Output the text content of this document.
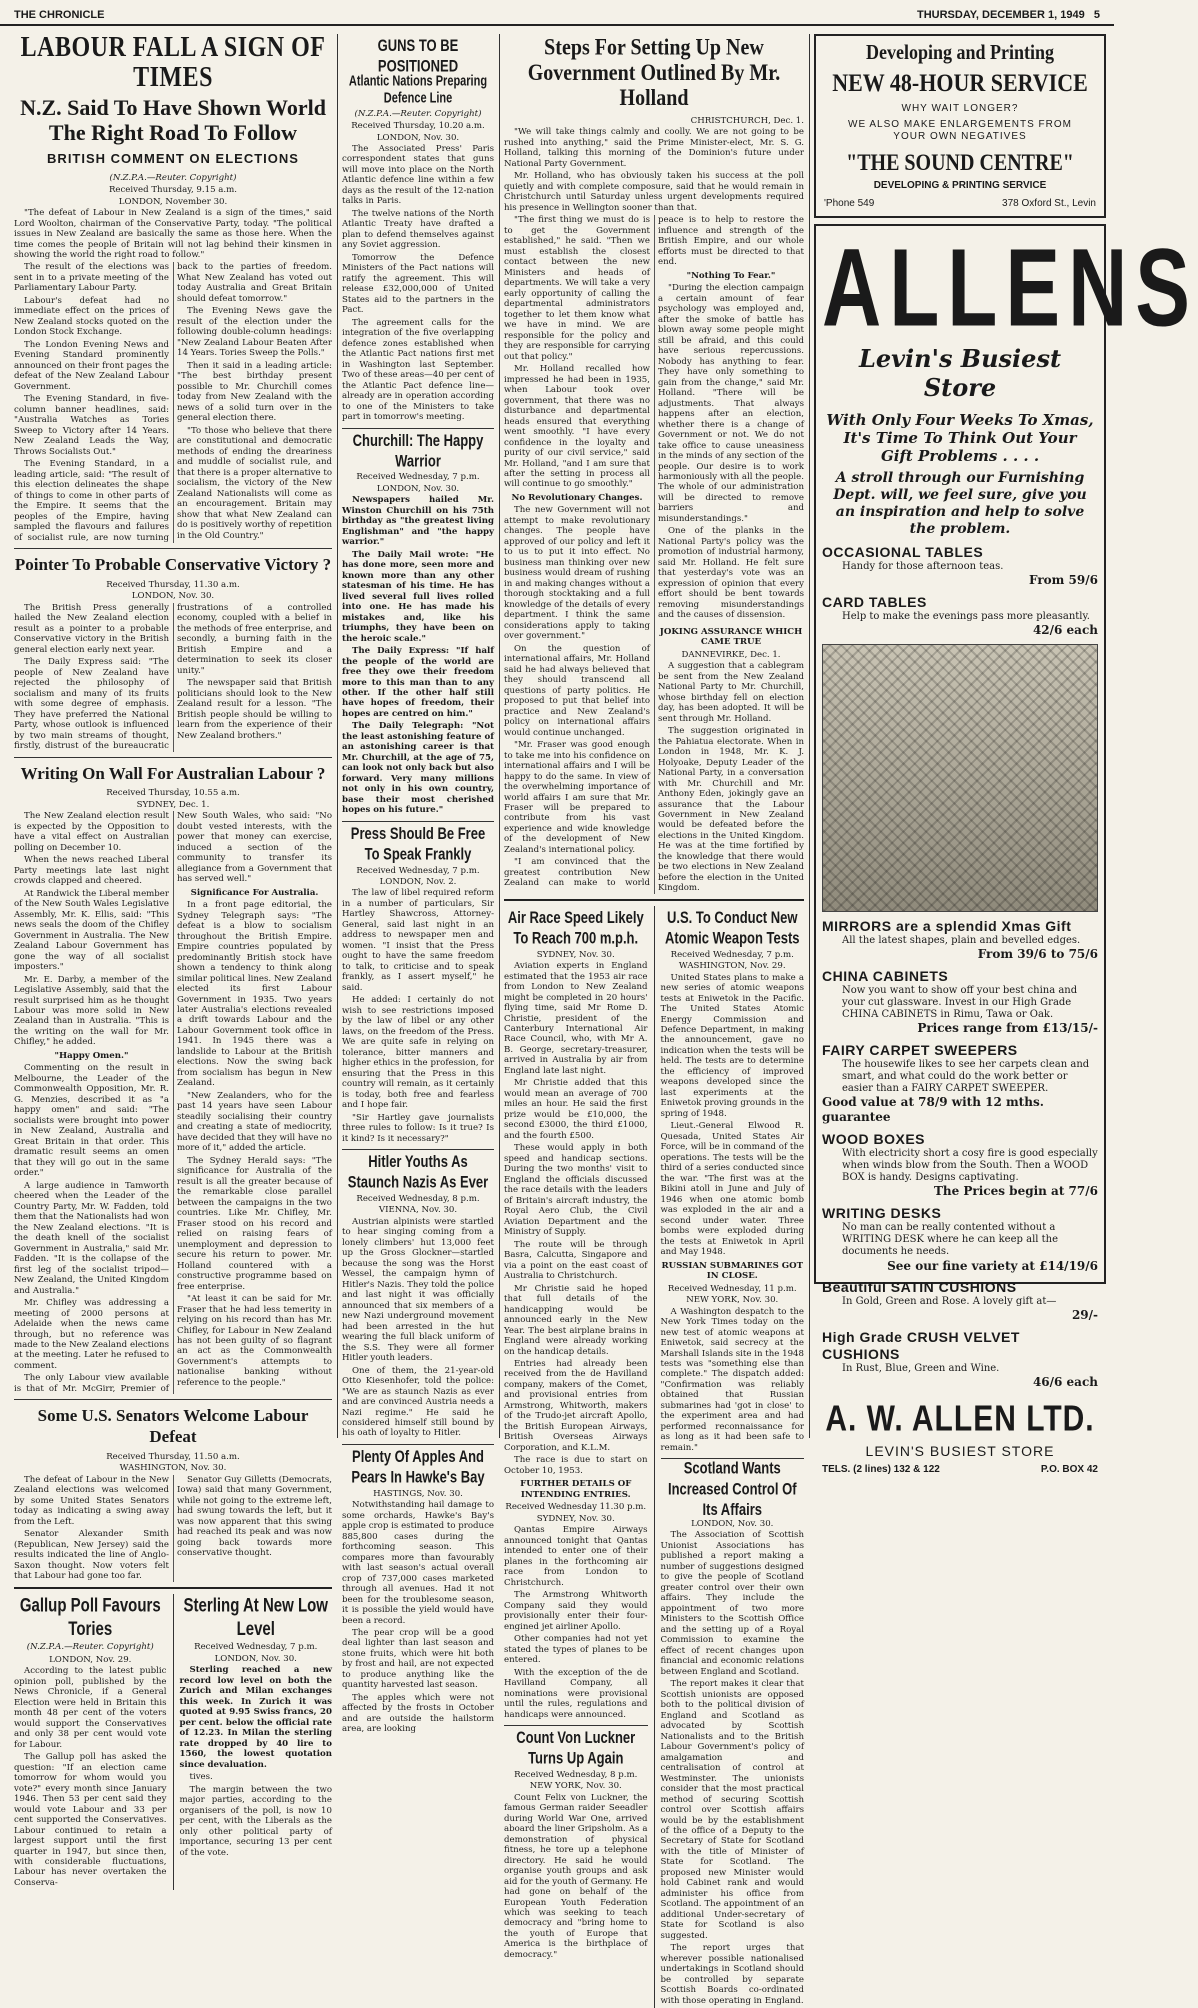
THE CHRONICLE	THURSDAY, DECEMBER 1, 1949 5
LABOUR FALL A SIGN OF TIMES
N.Z. Said To Have Shown World The Right Road To Follow
BRITISH COMMENT ON ELECTIONS
(N.Z.P.A.—Reuter. Copyright)
Received Thursday, 9.15 a.m.
LONDON, November 30.

"The defeat of Labour in New Zealand is a sign of the times," said Lord Woolton, chairman of the Conservative Party, today. "The political issues in New Zealand are basically the same as those here. When the time comes the people of Britain will not lag behind their kinsmen in showing the world the right road to follow."

The result of the elections was sent in to a private meeting of the Parliamentary Labour Party.

Labour's defeat had no immediate effect on the prices of New Zealand stocks quoted on the London Stock Exchange.

The London Evening News and Evening Standard prominently announced on their front pages the defeat of the New Zealand Labour Government.

The Evening Standard, in five-column banner headlines, said: "Australia Watches as Tories Sweep to Victory after 14 Years. New Zealand Leads the Way, Throws Socialists Out."

The Evening Standard, in a leading article, said: "The result of this election delineates the shape of things to come in other parts of the Empire. It seems that the peoples of the Empire, having sampled the flavours and failures of socialist rule, are now turning back to the parties of freedom. What New Zealand has voted out today Australia and Great Britain should defeat tomorrow."

The Evening News gave the result of the election under the following double-column headings: "New Zealand Labour Beaten After 14 Years. Tories Sweep the Polls."

Then it said in a leading article: "The best birthday present possible to Mr. Churchill comes today from New Zealand with the news of a solid turn over in the general election there.

"To those who believe that there are constitutional and democratic methods of ending the dreariness and muddle of socialist rule, and that there is a proper alternative to socialism, the victory of the New Zealand Nationalists will come as an encouragement. Britain may show that what New Zealand can do is positively worthy of repetition in the Old Country."

Pointer To Probable Conservative Victory ?
Received Thursday, 11.30 a.m.
LONDON, Nov. 30.

The British Press generally hailed the New Zealand election result as a pointer to a probable Conservative victory in the British general election early next year.

The Daily Express said: "The people of New Zealand have rejected the philosophy of socialism and many of its fruits with some degree of emphasis. They have preferred the National Party, whose outlook is influenced by two main streams of thought, firstly, distrust of the bureaucratic frustrations of a controlled economy, coupled with a belief in the methods of free enterprise, and secondly, a burning faith in the British Empire and a determination to seek its closer unity."

The newspaper said that British politicians should look to the New Zealand result for a lesson. "The British people should be willing to learn from the experience of their New Zealand brothers."

Writing On Wall For Australian Labour ?
Received Thursday, 10.55 a.m.
SYDNEY, Dec. 1.

The New Zealand election result is expected by the Opposition to have a vital effect on Australian polling on December 10.

When the news reached Liberal Party meetings late last night crowds clapped and cheered.

At Randwick the Liberal member of the New South Wales Legislative Assembly, Mr. K. Ellis, said: "This news seals the doom of the Chifley Government in Australia. The New Zealand Labour Government has gone the way of all socialist imposters."

Mr. E. Darby, a member of the Legislative Assembly, said that the result surprised him as he thought Labour was more solid in New Zealand than in Australia. "This is the writing on the wall for Mr. Chifley," he added.

"Happy Omen."

Commenting on the result in Melbourne, the Leader of the Commonwealth Opposition, Mr. R. G. Menzies, described it as "a happy omen" and said: "The socialists were brought into power in New Zealand, Australia and Great Britain in that order. This dramatic result seems an omen that they will go out in the same order."

A large audience in Tamworth cheered when the Leader of the Country Party, Mr. W. Fadden, told them that the Nationalists had won the New Zealand elections. "It is the death knell of the socialist Government in Australia," said Mr. Fadden. "It is the collapse of the first leg of the socialist tripod—New Zealand, the United Kingdom and Australia."

Mr. Chifley was addressing a meeting of 2000 persons at Adelaide when the news came through, but no reference was made to the New Zealand elections at the meeting. Later he refused to comment.

The only Labour view available is that of Mr. McGirr, Premier of New South Wales, who said: "No doubt vested interests, with the power that money can exercise, induced a section of the community to transfer its allegiance from a Government that has served well."

Significance For Australia.

In a front page editorial, the Sydney Telegraph says: "The defeat is a blow to socialism throughout the British Empire. Empire countries populated by predominantly British stock have shown a tendency to think along similar political lines. New Zealand elected its first Labour Government in 1935. Two years later Australia's elections revealed a drift towards Labour and the Labour Government took office in 1941. In 1945 there was a landslide to Labour at the British elections. Now the swing back from socialism has begun in New Zealand.

"New Zealanders, who for the past 14 years have seen Labour steadily socialising their country and creating a state of mediocrity, have decided that they will have no more of it," added the article.

The Sydney Herald says: "The significance for Australia of the result is all the greater because of the remarkable close parallel between the campaigns in the two countries. Like Mr. Chifley, Mr. Fraser stood on his record and relied on raising fears of unemployment and depression to secure his return to power. Mr. Holland countered with a constructive programme based on free enterprise.

"At least it can be said for Mr. Fraser that he had less temerity in relying on his record than has Mr. Chifley, for Labour in New Zealand has not been guilty of so flagrant an act as the Commonwealth Government's attempts to nationalise banking without reference to the people."

Some U.S. Senators Welcome Labour Defeat
Received Thursday, 11.50 a.m.
WASHINGTON, Nov. 30.

The defeat of Labour in the New Zealand elections was welcomed by some United States Senators today as indicating a swing away from the Left.

Senator Alexander Smith (Republican, New Jersey) said the results indicated the line of Anglo-Saxon thought. Now voters felt that Labour had gone too far.

Senator Guy Gilletts (Democrats, Iowa) said that many Government, while not going to the extreme left, had swung towards the left, but it was now apparent that this swing had reached its peak and was now going back towards more conservative thought.

Gallup Poll Favours Tories
(N.Z.P.A.—Reuter. Copyright)
LONDON, Nov. 29.

According to the latest public opinion poll, published by the News Chronicle, if a General Election were held in Britain this month 48 per cent of the voters would support the Conservatives and only 38 per cent would vote for Labour.

The Gallup poll has asked the question: "If an election came tomorrow for whom would you vote?" every month since January 1946. Then 53 per cent said they would vote Labour and 33 per cent supported the Conservatives. Labour continued to retain a largest support until the first quarter in 1947, but since then, with considerable fluctuations, Labour has never overtaken the Conserva-

Sterling At New Low Level
Received Wednesday, 7 p.m.
LONDON, Nov. 30.

Sterling reached a new record low level on both the Zurich and Milan exchanges this week. In Zurich it was quoted at 9.95 Swiss francs, 20 per cent. below the official rate of 12.23. In Milan the sterling rate dropped by 40 lire to 1560, the lowest quotation since devaluation.

tives.

The margin between the two major parties, according to the organisers of the poll, is now 10 per cent, with the Liberals as the only other political party of importance, securing 13 per cent of the vote.

GUNS TO BE POSITIONED
Atlantic Nations Preparing Defence Line
(N.Z.P.A.—Reuter. Copyright)
Received Thursday, 10.20 a.m.
LONDON, Nov. 30.

The Associated Press' Paris correspondent states that guns will move into place on the North Atlantic defence line within a few days as the result of the 12-nation talks in Paris.

The twelve nations of the North Atlantic Treaty have drafted a plan to defend themselves against any Soviet aggression.

Tomorrow the Defence Ministers of the Pact nations will ratify the agreement. This will release £32,000,000 of United States aid to the partners in the Pact.

The agreement calls for the integration of the five overlapping defence zones established when the Atlantic Pact nations first met in Washington last September. Two of these areas—40 per cent of the Atlantic Pact defence line—already are in operation according to one of the Ministers to take part in tomorrow's meeting.

Churchill: The Happy Warrior
Received Wednesday, 7 p.m.
LONDON, Nov. 30.

Newspapers hailed Mr. Winston Churchill on his 75th birthday as "the greatest living Englishman" and "the happy warrior."

The Daily Mail wrote: "He has done more, seen more and known more than any other statesman of his time. He has lived several full lives rolled into one. He has made his mistakes and, like his triumphs, they have been on the heroic scale."

The Daily Express: "If half the people of the world are free they owe their freedom more to this man than to any other. If the other half still have hopes of freedom, their hopes are centred on him."

The Daily Telegraph: "Not the least astonishing feature of an astonishing career is that Mr. Churchill, at the age of 75, can look not only back but also forward. Very many millions not only in his own country, base their most cherished hopes on his future."

Press Should Be Free To Speak Frankly
Received Wednesday, 7 p.m.
LONDON, Nov. 2.

The law of libel required reform in a number of particulars, Sir Hartley Shawcross, Attorney-General, said last night in an address to newspaper men and women. "I insist that the Press ought to have the same freedom to talk, to criticise and to speak frankly, as I assert myself," he said.

He added: I certainly do not wish to see restrictions imposed by the law of libel or any other laws, on the freedom of the Press. We are quite safe in relying on tolerance, bitter manners and higher ethics in the profession, for ensuring that the Press in this country will remain, as it certainly is today, both free and fearless and I hope fair.

"Sir Hartley gave journalists three rules to follow: Is it true? Is it kind? Is it necessary?"

Hitler Youths As Staunch Nazis As Ever
Received Wednesday, 8 p.m.
VIENNA, Nov. 30.

Austrian alpinists were startled to hear singing coming from a lonely climbers' hut 13,000 feet up the Gross Glockner—startled because the song was the Horst Wessel, the campaign hymn of Hitler's Nazis. They told the police and last night it was officially announced that six members of a new Nazi underground movement had been arrested in the hut wearing the full black uniform of the S.S. They were all former Hitler youth leaders.

One of them, the 21-year-old Otto Kiesenhofer, told the police: "We are as staunch Nazis as ever and are convinced Austria needs a Nazi regime." He said he considered himself still bound by his oath of loyalty to Hitler.

Plenty Of Apples And Pears In Hawke's Bay
HASTINGS, Nov. 30.

Notwithstanding hail damage to some orchards, Hawke's Bay's apple crop is estimated to produce 885,800 cases during the forthcoming season. This compares more than favourably with last season's actual overall crop of 737,000 cases marketed through all avenues. Had it not been for the troublesome season, it is possible the yield would have been a record.

The pear crop will be a good deal lighter than last season and stone fruits, which were hit both by frost and hail, are not expected to produce anything like the quantity harvested last season.

The apples which were not affected by the frosts in October and are outside the hailstorm area, are looking

Steps For Setting Up New Government Outlined By Mr. Holland
CHRISTCHURCH, Dec. 1.

"We will take things calmly and coolly. We are not going to be rushed into anything," said the Prime Minister-elect, Mr. S. G. Holland, talking this morning of the Dominion's future under National Party Government.

Mr. Holland, who has obviously taken his success at the poll quietly and with complete composure, said that he would remain in Christchurch until Saturday unless urgent developments required his presence in Wellington sooner than that.

"The first thing we must do is to get the Government established," he said. "Then we must establish the closest contact between the new Ministers and heads of departments. We will take a very early opportunity of calling the departmental administrators together to let them know what we have in mind. We are responsible for the policy and they are responsible for carrying out that policy."

Mr. Holland recalled how impressed he had been in 1935, when Labour took over government, that there was no disturbance and departmental heads ensured that everything went smoothly. "I have every confidence in the loyalty and purity of our civil service," said Mr. Holland, "and I am sure that after the setting in process all will continue to go smoothly."

No Revolutionary Changes.

The new Government will not attempt to make revolutionary changes. The people have approved of our policy and left it to us to put it into effect. No business man thinking over new business would dream of rushing in and making changes without a thorough stocktaking and a full knowledge of the details of every department. I think the same considerations apply to taking over government."

On the question of international affairs, Mr. Holland said he had always believed that they should transcend all questions of party politics. He proposed to put that belief into practice and New Zealand's policy on international affairs would continue unchanged.

"Mr. Fraser was good enough to take me into his confidence on international affairs and I will be happy to do the same. In view of the overwhelming importance of world affairs I am sure that Mr. Fraser will be prepared to contribute from his vast experience and wide knowledge of the development of New Zealand's international policy.

"I am convinced that the greatest contribution New Zealand can make to world peace is to help to restore the influence and strength of the British Empire, and our whole efforts must be directed to that end.

"Nothing To Fear."

"During the election campaign a certain amount of fear psychology was employed and, after the smoke of battle has blown away some people might still be afraid, and this could have serious repercussions. Nobody has anything to fear. They have only something to gain from the change," said Mr. Holland. "There will be adjustments. That always happens after an election, whether there is a change of Government or not. We do not take office to cause uneasiness in the minds of any section of the people. Our desire is to work harmoniously with all the people. The whole of our administration will be directed to remove barriers and misunderstandings."

One of the planks in the National Party's policy was the promotion of industrial harmony, said Mr. Holland. He felt sure that yesterday's vote was an expression of opinion that every effort should be bent towards removing misunderstandings and the causes of dissension.

JOKING ASSURANCE WHICH CAME TRUE
DANNEVIRKE, Dec. 1.

A suggestion that a cablegram be sent from the New Zealand National Party to Mr. Churchill, whose birthday fell on election day, has been adopted. It will be sent through Mr. Holland.

The suggestion originated in the Pahiatua electorate. When in London in 1948, Mr. K. J. Holyoake, Deputy Leader of the National Party, in a conversation with Mr. Churchill and Mr. Anthony Eden, jokingly gave an assurance that the Labour Government in New Zealand would be defeated before the elections in the United Kingdom. He was at the time fortified by the knowledge that there would be two elections in New Zealand before the election in the United Kingdom.

Air Race Speed Likely To Reach 700 m.p.h.
SYDNEY, Nov. 30.

Aviation experts in England estimated that the 1953 air race from London to New Zealand might be completed in 20 hours' flying time, said Mr Rome D. Christie, president of the Canterbury International Air Race Council, who, with Mr A. B. George, secretary-treasurer, arrived in Australia by air from England late last night.

Mr Christie added that this would mean an average of 700 miles an hour. He said the first prize would be £10,000, the second £3000, the third £1000, and the fourth £500.

These would apply in both speed and handicap sections. During the two months' visit to England the officials discussed the race details with the leaders of Britain's aircraft industry, the Royal Aero Club, the Civil Aviation Department and the Ministry of Supply.

The route will be through Basra, Calcutta, Singapore and via a point on the east coast of Australia to Christchurch.

Mr Christie said he hoped that full details of the handicapping would be announced early in the New Year. The best airplane brains in England were already working on the handicap details.

Entries had already been received from the de Havilland company, makers of the Comet, and provisional entries from Armstrong, Whitworth, makers of the Trudo-jet aircraft Apollo, the British European Airways, British Overseas Airways Corporation, and K.L.M.

The race is due to start on October 10, 1953.

FURTHER DETAILS OF INTENDING ENTRIES.
Received Wednesday 11.30 p.m.
SYDNEY, Nov. 30.

Qantas Empire Airways announced tonight that Qantas intended to enter one of their planes in the forthcoming air race from London to Christchurch.

The Armstrong Whitworth Company said they would provisionally enter their four-engined jet airliner Apollo.

Other companies had not yet stated the types of planes to be entered.

With the exception of the de Havilland Company, all nominations were provisional until the rules, regulations and handicaps were announced.

Count Von Luckner Turns Up Again
Received Wednesday, 8 p.m.
NEW YORK, Nov. 30.

Count Felix von Luckner, the famous German raider Seeadler during World War One, arrived aboard the liner Gripsholm. As a demonstration of physical fitness, he tore up a telephone directory. He said he would organise youth groups and ask aid for the youth of Germany. He had gone on behalf of the European Youth Federation which was seeking to teach democracy and "bring home to the youth of Europe that America is the birthplace of democracy."

U.S. To Conduct New Atomic Weapon Tests
Received Wednesday, 7 p.m.
WASHINGTON, Nov. 29.

United States plans to make a new series of atomic weapons tests at Eniwetok in the Pacific. The United States Atomic Energy Commission and Defence Department, in making the announcement, gave no indication when the tests will be held. The tests are to determine the efficiency of improved weapons developed since the last experiments at the Eniwetok proving grounds in the spring of 1948.

Lieut.-General Elwood R. Quesada, United States Air Force, will be in command of the operations. The tests will be the third of a series conducted since the war. "The first was at the Bikini atoll in June and July of 1946 when one atomic bomb was exploded in the air and a second under water. Three bombs were exploded during the tests at Eniwetok in April and May 1948.

RUSSIAN SUBMARINES GOT IN CLOSE.
Received Wednesday, 11 p.m.
NEW YORK, Nov. 30.

A Washington despatch to the New York Times today on the new test of atomic weapons at Eniwetok, said secrecy at the Marshall Islands site in the 1948 tests was "something else than complete." The dispatch added: "Confirmation was reliably obtained that Russian submarines had 'got in close' to the experiment area and had performed reconnaissance for as long as it had been safe to remain."

Scotland Wants Increased Control Of Its Affairs
LONDON, Nov. 30.

The Association of Scottish Unionist Associations has published a report making a number of suggestions designed to give the people of Scotland greater control over their own affairs. They include the appointment of two more Ministers to the Scottish Office and the setting up of a Royal Commission to examine the effect of recent changes upon financial and economic relations between England and Scotland.

The report makes it clear that Scottish unionists are opposed both to the political division of England and Scotland as advocated by Scottish Nationalists and to the British Labour Government's policy of amalgamation and centralisation of control at Westminster. The unionists consider that the most practical method of securing Scottish control over Scottish affairs would be by the establishment of the office of a Deputy to the Secretary of State for Scotland with the title of Minister of State for Scotland. The proposed new Minister would hold Cabinet rank and would administer his office from Scotland. The appointment of an additional Under-secretary of State for Scotland is also suggested.

The report urges that wherever possible nationalised undertakings in Scotland should be controlled by separate Scottish Boards co-ordinated with those operating in England.

Developing and Printing
NEW 48-HOUR SERVICE
WHY WAIT LONGER?
WE ALSO MAKE ENLARGEMENTS FROM YOUR OWN NEGATIVES
"THE SOUND CENTRE"
DEVELOPING & PRINTING SERVICE
'Phone 549	378 Oxford St., Levin
ALLENS
Levin's Busiest Store
With Only Four Weeks To Xmas, It's Time To Think Out Your Gift Problems . . . .
A stroll through our Furnishing Dept. will, we feel sure, give you an inspiration and help to solve the problem.
OCCASIONAL TABLES
Handy for those afternoon teas.
From 59/6
CARD TABLES
Help to make the evenings pass more pleasantly.
42/6 each
MIRRORS are a splendid Xmas Gift
All the latest shapes, plain and bevelled edges.
From 39/6 to 75/6
CHINA CABINETS
Now you want to show off your best china and your cut glassware. Invest in our High Grade CHINA CABINETS in Rimu, Tawa or Oak.
Prices range from £13/15/-
FAIRY CARPET SWEEPERS
The housewife likes to see her carpets clean and smart, and what could do the work better or easier than a FAIRY CARPET SWEEPER.
Good value at 78/9 with 12 mths. guarantee
WOOD BOXES
With electricity short a cosy fire is good especially when winds blow from the South. Then a WOOD BOX is handy. Designs captivating.
The Prices begin at 77/6
WRITING DESKS
No man can be really contented without a WRITING DESK where he can keep all the documents he needs.
See our fine variety at £14/19/6
Beautiful SATIN CUSHIONS
In Gold, Green and Rose. A lovely gift at—
29/-
High Grade CRUSH VELVET CUSHIONS
In Rust, Blue, Green and Wine.
46/6 each
A. W. ALLEN LTD.
LEVIN'S BUSIEST STORE
TELS. (2 lines) 132 & 122	P.O. BOX 42
